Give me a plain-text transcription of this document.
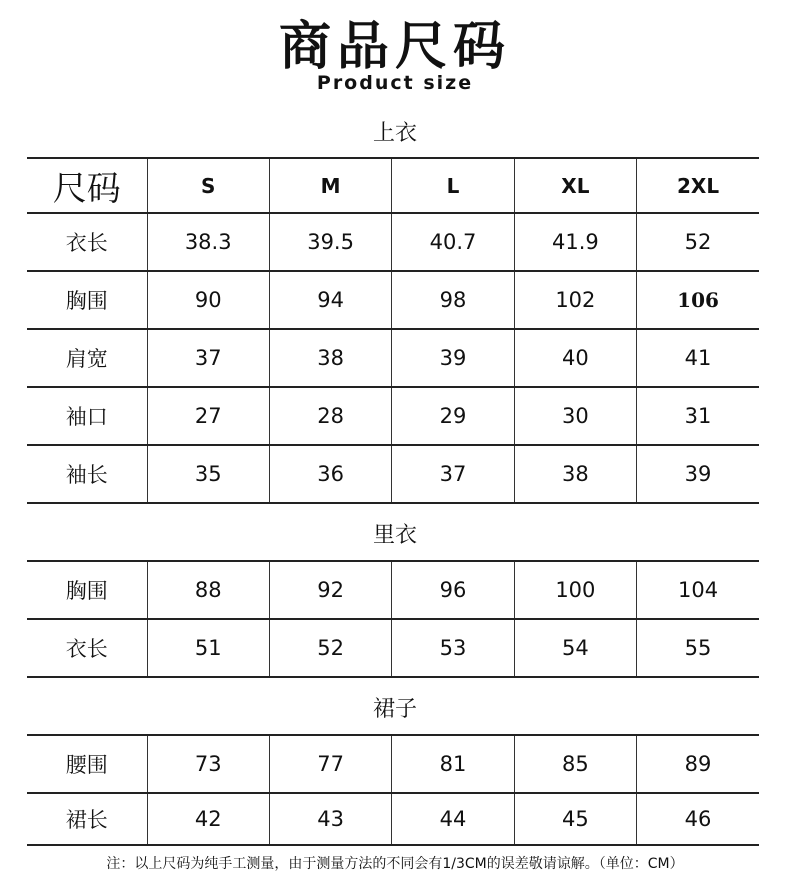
商品尺码
Product size
上衣
尺码	S	M	L	XL	2XL
衣长	38.3	39.5	40.7	41.9	52
胸围	90	94	98	102	106
肩宽	37	38	39	40	41
袖口	27	28	29	30	31
袖长	35	36	37	38	39
里衣
胸围	88	92	96	100	104
衣长	51	52	53	54	55
裙子
腰围	73	77	81	85	89
裙长	42	43	44	45	46
注：以上尺码为纯手工测量，由于测量方法的不同会有1/3CM的误差敬请谅解。（单位：CM）
